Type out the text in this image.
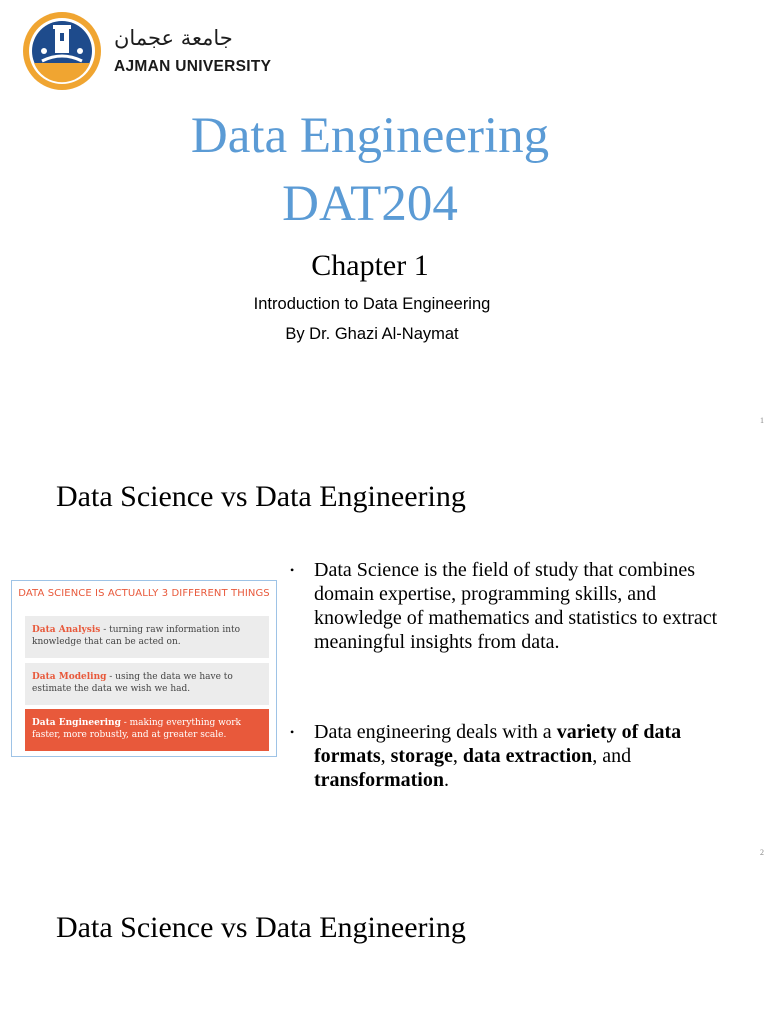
جامعة عجمان
AJMAN UNIVERSITY
Data Engineering
DAT204
Chapter 1
Introduction to Data Engineering
By Dr. Ghazi Al-Naymat
1
Data Science vs Data Engineering
DATA SCIENCE IS ACTUALLY 3 DIFFERENT THINGS
Data Analysis - turning raw information into knowledge that can be acted on.
Data Modeling - using the data we have to estimate the data we wish we had.
Data Engineering - making everything work faster, more robustly, and at greater scale.
• Data Science is the field of study that combines domain expertise, programming skills, and knowledge of mathematics and statistics to extract meaningful insights from data.
• Data engineering deals with a variety of data formats, storage, data extraction, and transformation.
2
Data Science vs Data Engineering
